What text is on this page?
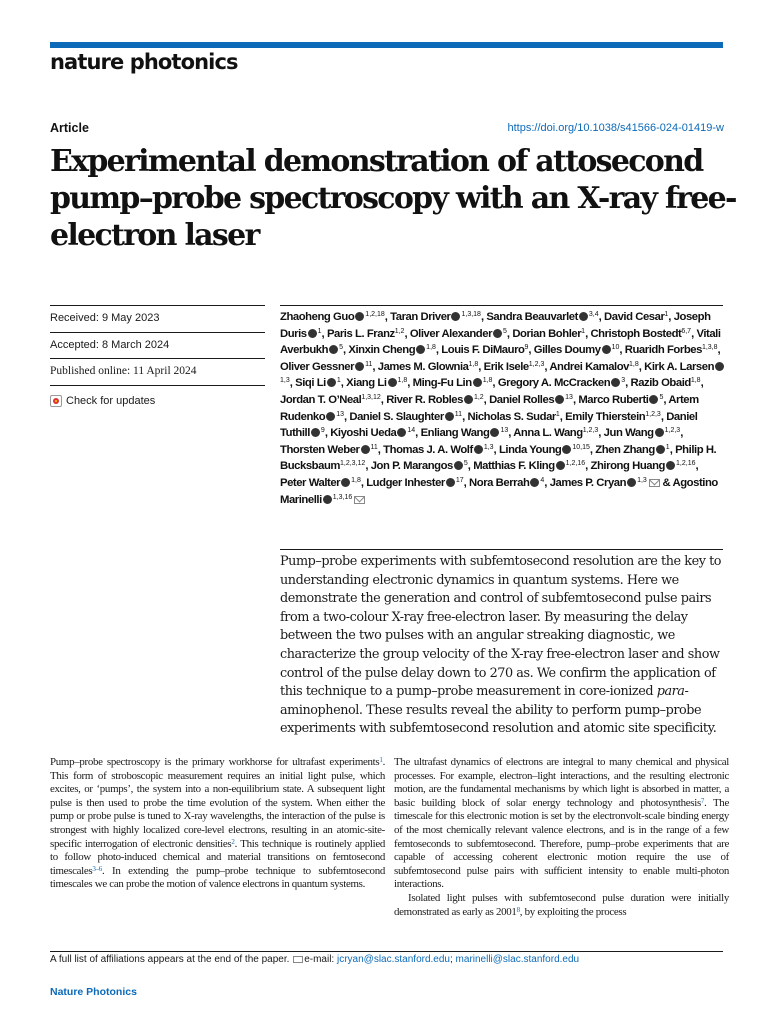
nature photonics
Article	https://doi.org/10.1038/s41566-024-01419-w
Experimental demonstration of attosecond pump–probe spectroscopy with an X-ray free-electron laser
Received: 9 May 2023
Accepted: 8 March 2024
Published online: 11 April 2024
Check for updates
Zhaoheng Guo $^{1,2,18}$, Taran Driver $^{1,3,18}$, Sandra Beauvarlet $^{3,4}$, David Cesar$^1$, Joseph Duris $^1$, Paris L. Franz$^{1,2}$, Oliver Alexander $^5$, Dorian Bohler$^1$, Christoph Bostedt$^{6,7}$, Vitali Averbukh $^5$, Xinxin Cheng $^{1,8}$, Louis F. DiMauro$^9$, Gilles Doumy $^{10}$, Ruaridh Forbes$^{1,3,8}$, Oliver Gessner $^{11}$, James M. Glownia$^{1,8}$, Erik Isele$^{1,2,3}$, Andrei Kamalov$^{1,8}$, Kirk A. Larsen$^{1,3}$, Siqi Li $^1$, Xiang Li $^{1,8}$, Ming-Fu Lin $^{1,8}$, Gregory A. McCracken $^3$, Razib Obaid$^{1,8}$, Jordan T. O’Neal$^{1,3,12}$, River R. Robles $^{1,2}$, Daniel Rolles $^{13}$, Marco Ruberti $^5$, Artem Rudenko $^{13}$, Daniel S. Slaughter $^{11}$, Nicholas S. Sudar$^1$, Emily Thierstein$^{1,2,3}$, Daniel Tuthill $^9$, Kiyoshi Ueda $^{14}$, Enliang Wang $^{13}$, Anna L. Wang$^{1,2,3}$, Jun Wang $^{1,2,3}$, Thorsten Weber $^{11}$, Thomas J. A. Wolf $^{1,3}$, Linda Young $^{10,15}$, Zhen Zhang $^1$, Philip H. Bucksbaum$^{1,2,3,12}$, Jon P. Marangos $^5$, Matthias F. Kling $^{1,2,16}$, Zhirong Huang $^{1,2,16}$, Peter Walter $^{1,8}$, Ludger Inhester $^{17}$, Nora Berrah $^4$, James P. Cryan $^{1,3}$ & Agostino Marinelli $^{1,3,16}$

Pump–probe experiments with subfemtosecond resolution are the key to understanding electronic dynamics in quantum systems. Here we demonstrate the generation and control of subfemtosecond pulse pairs from a two-colour X-ray free-electron laser. By measuring the delay between the two pulses with an angular streaking diagnostic, we characterize the group velocity of the X-ray free-electron laser and show control of the pulse delay down to 270 as. We confirm the application of this technique to a pump–probe measurement in core-ionized para-aminophenol. These results reveal the ability to perform pump–probe experiments with subfemtosecond resolution and atomic site specificity.

Pump–probe spectroscopy is the primary workhorse for ultrafast experiments$^1$. This form of stroboscopic measurement requires an initial light pulse, which excites, or ‘pumps’, the system into a non-equilibrium state. A subsequent light pulse is then used to probe the time evolution of the system. When either the pump or probe pulse is tuned to X-ray wavelengths, the interaction of the pulse is strongest with highly localized core-level electrons, resulting in an atomic-site-specific interrogation of electronic densities$^2$. This technique is routinely applied to follow photo-induced chemical and material transitions on femtosecond timescales$^{3-6}$. In extending the pump–probe technique to subfemtosecond timescales we can probe the motion of valence electrons in quantum systems.

The ultrafast dynamics of electrons are integral to many chemical and physical processes. For example, electron–light interactions, and the resulting electronic motion, are the fundamental mechanisms by which light is absorbed in matter, a basic building block of solar energy technology and photosynthesis$^7$. The timescale for this electronic motion is set by the electronvolt-scale binding energy of the most chemically relevant valence electrons, and is in the range of a few femtoseconds to subfemtosecond. Therefore, pump–probe experiments that are capable of accessing coherent electronic motion require the use of subfemtosecond pulse pairs with sufficient intensity to enable multi-photon interactions.

Isolated light pulses with subfemtosecond pulse duration were initially demonstrated as early as 2001$^8$, by exploiting the process

A full list of affiliations appears at the end of the paper. e-mail: jcryan@slac.stanford.edu; marinelli@slac.stanford.edu
Nature Photonics
